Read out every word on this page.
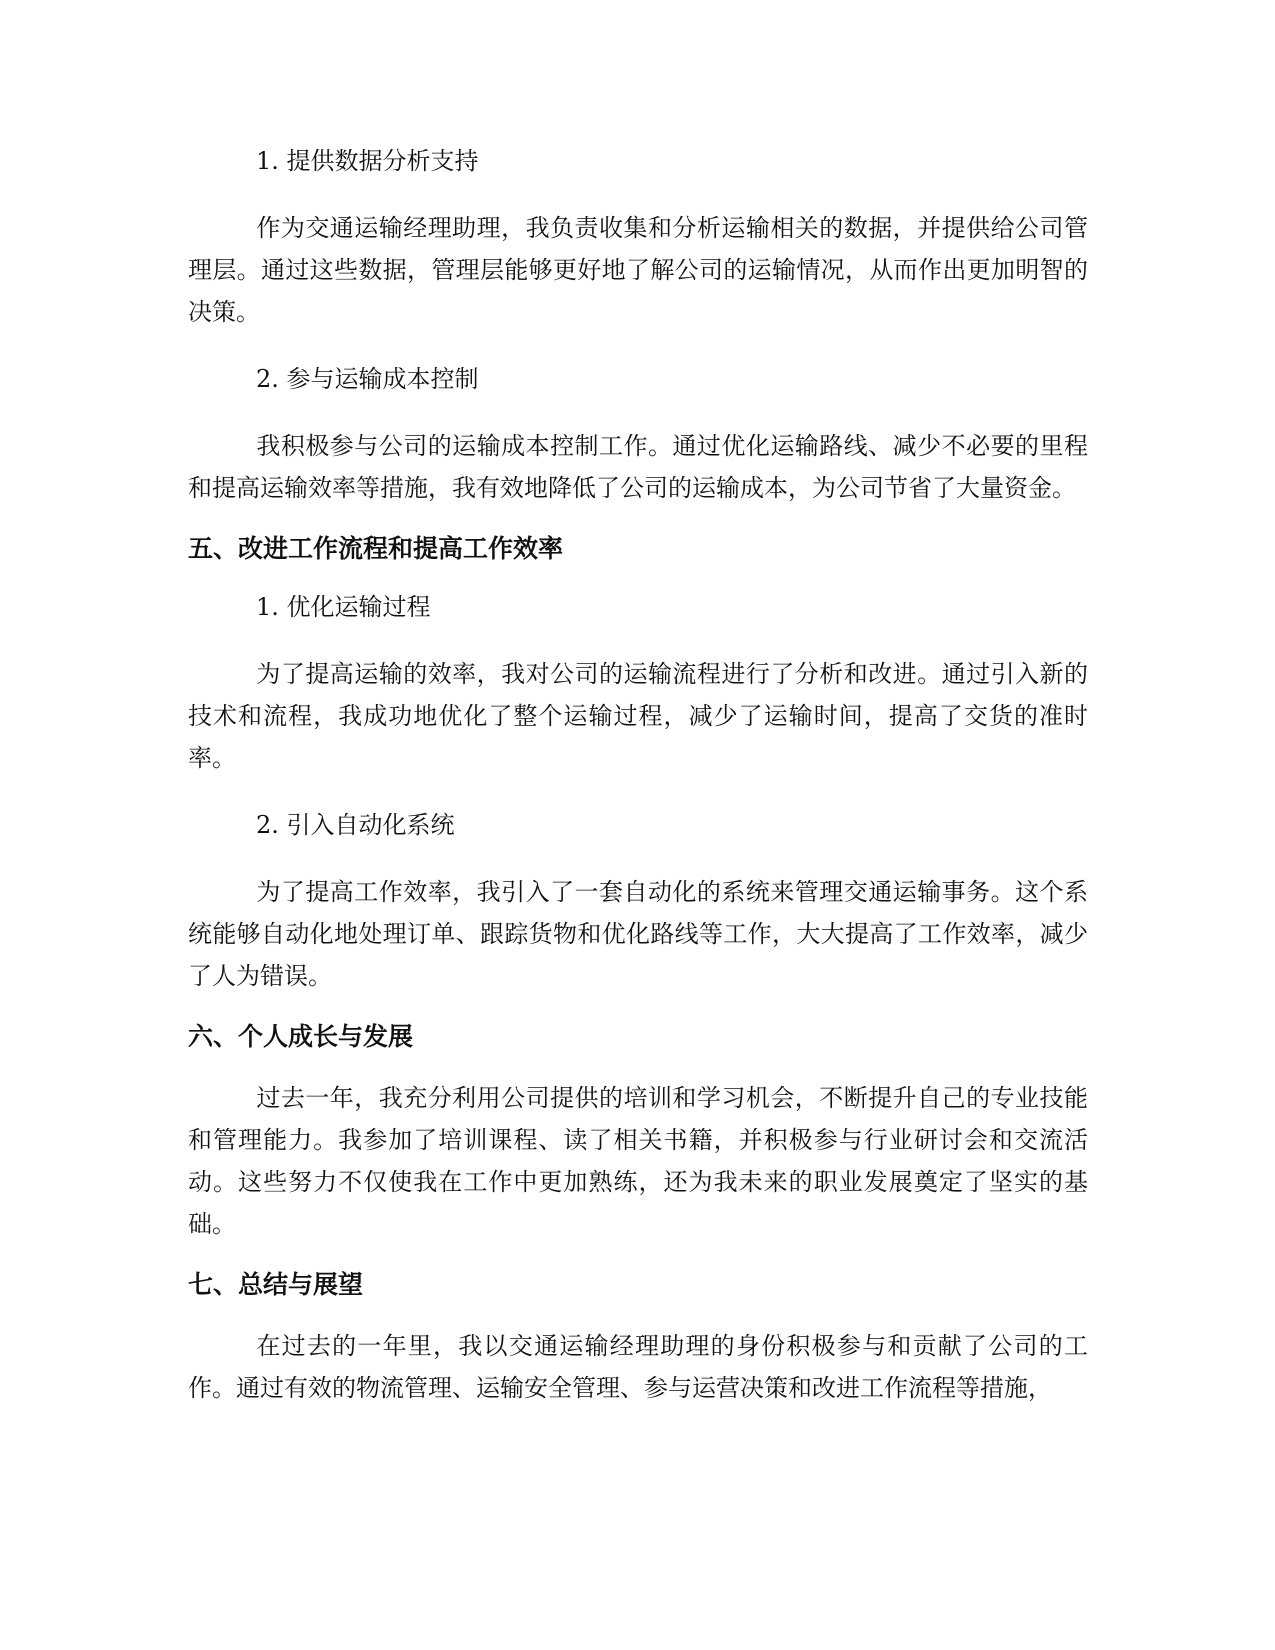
1. 提供数据分析支持

作为交通运输经理助理，我负责收集和分析运输相关的数据，并提供给公司管理层。通过这些数据，管理层能够更好地了解公司的运输情况，从而作出更加明智的决策。

2. 参与运输成本控制

我积极参与公司的运输成本控制工作。通过优化运输路线、减少不必要的里程和提高运输效率等措施，我有效地降低了公司的运输成本，为公司节省了大量资金。

五、改进工作流程和提高工作效率

1. 优化运输过程

为了提高运输的效率，我对公司的运输流程进行了分析和改进。通过引入新的技术和流程，我成功地优化了整个运输过程，减少了运输时间，提高了交货的准时率。

2. 引入自动化系统

为了提高工作效率，我引入了一套自动化的系统来管理交通运输事务。这个系统能够自动化地处理订单、跟踪货物和优化路线等工作，大大提高了工作效率，减少了人为错误。

六、个人成长与发展

过去一年，我充分利用公司提供的培训和学习机会，不断提升自己的专业技能和管理能力。我参加了培训课程、读了相关书籍，并积极参与行业研讨会和交流活动。这些努力不仅使我在工作中更加熟练，还为我未来的职业发展奠定了坚实的基础。

七、总结与展望

在过去的一年里，我以交通运输经理助理的身份积极参与和贡献了公司的工作。通过有效的物流管理、运输安全管理、参与运营决策和改进工作流程等措施，
